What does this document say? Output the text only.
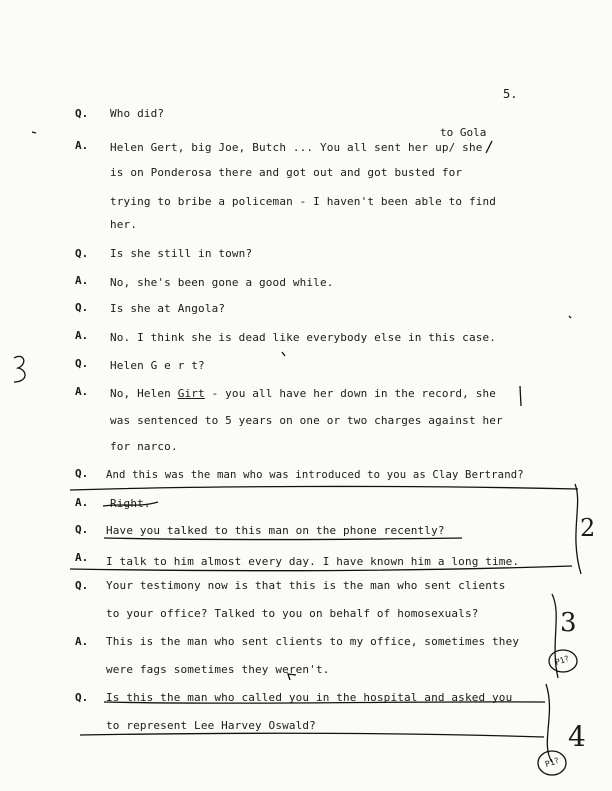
5.
to Gola
Q.
A.
Q.
A.
Q.
A.
Q.
A.
Q.
A.
Q.
A.
Q.
A.
Q.
Who did?
Helen Gert, big Joe, Butch ... You all sent her up/ she
is on Ponderosa there and got out and got busted for
trying to bribe a policeman - I haven't been able to find
her.
Is she still in town?
No, she's been gone a good while.
Is she at Angola?
No. I think she is dead like everybody else in this case.
Helen G e r t?
No, Helen Girt - you all have her down in the record, she
was sentenced to 5 years on one or two charges against her
for narco.
And this was the man who was introduced to you as Clay Bertrand?
Right.
Have you talked to this man on the phone recently?
I talk to him almost every day. I have known him a long time.
Your testimony now is that this is the man who sent clients
to your office? Talked to you on behalf of homosexuals?
This is the man who sent clients to my office, sometimes they
were fags sometimes they weren't.
Is this the man who called you in the hospital and asked you
to represent Lee Harvey Oswald?
2
3
4
P1?
P1?
